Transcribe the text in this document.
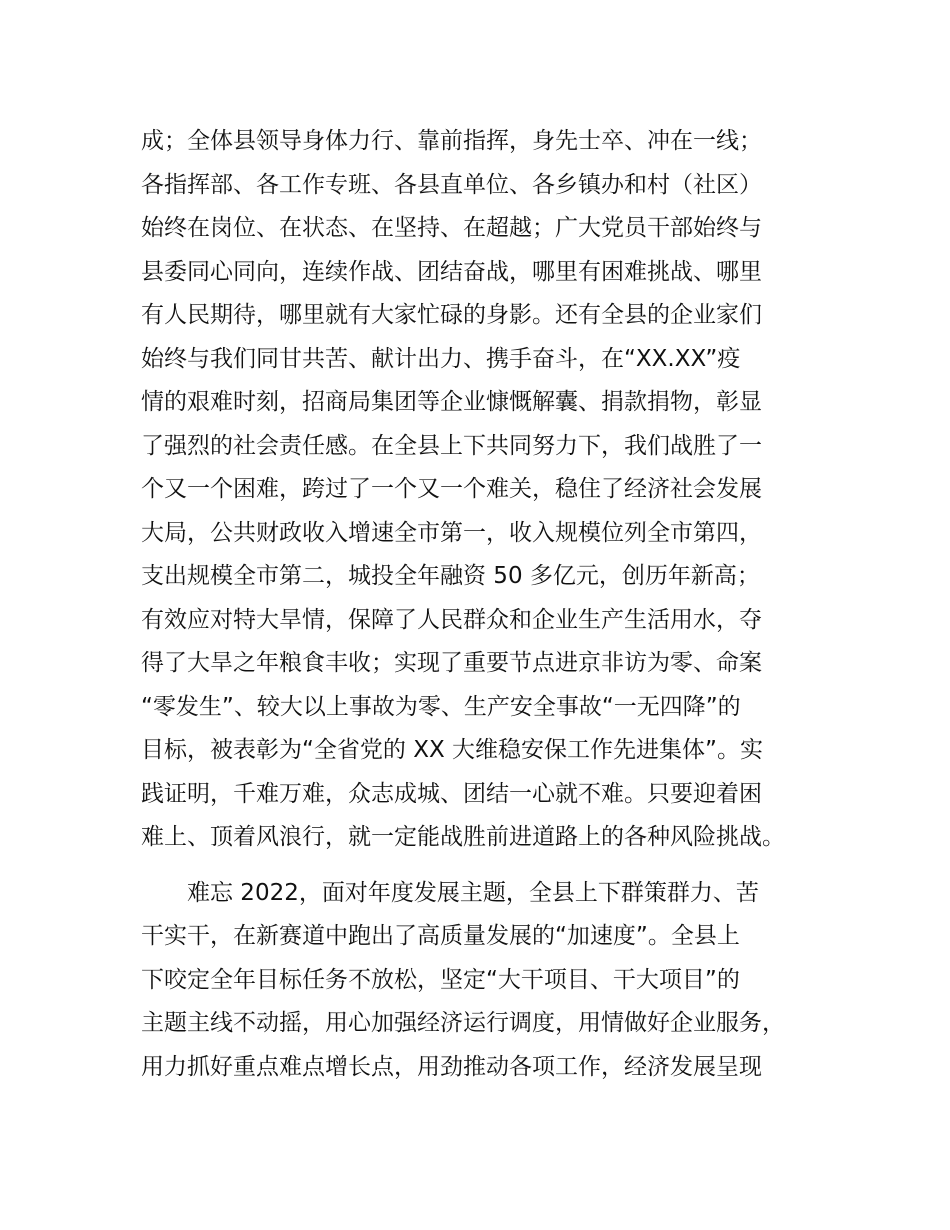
成；全体县领导身体力行、靠前指挥，身先士卒、冲在一线；
各指挥部、各工作专班、各县直单位、各乡镇办和村（社区）
始终在岗位、在状态、在坚持、在超越；广大党员干部始终与
县委同心同向，连续作战、团结奋战，哪里有困难挑战、哪里
有人民期待，哪里就有大家忙碌的身影。还有全县的企业家们
始终与我们同甘共苦、献计出力、携手奋斗，在“XX.XX”疫
情的艰难时刻，招商局集团等企业慷慨解囊、捐款捐物，彰显
了强烈的社会责任感。在全县上下共同努力下，我们战胜了一
个又一个困难，跨过了一个又一个难关，稳住了经济社会发展
大局，公共财政收入增速全市第一，收入规模位列全市第四，
支出规模全市第二，城投全年融资 50 多亿元，创历年新高；
有效应对特大旱情，保障了人民群众和企业生产生活用水，夺
得了大旱之年粮食丰收；实现了重要节点进京非访为零、命案
“零发生”、较大以上事故为零、生产安全事故“一无四降”的
目标，被表彰为“全省党的 XX 大维稳安保工作先进集体”。实
践证明，千难万难，众志成城、团结一心就不难。只要迎着困
难上、顶着风浪行，就一定能战胜前进道路上的各种风险挑战。
难忘 2022，面对年度发展主题，全县上下群策群力、苦
干实干，在新赛道中跑出了高质量发展的“加速度”。全县上
下咬定全年目标任务不放松，坚定“大干项目、干大项目”的
主题主线不动摇，用心加强经济运行调度，用情做好企业服务，
用力抓好重点难点增长点，用劲推动各项工作，经济发展呈现
